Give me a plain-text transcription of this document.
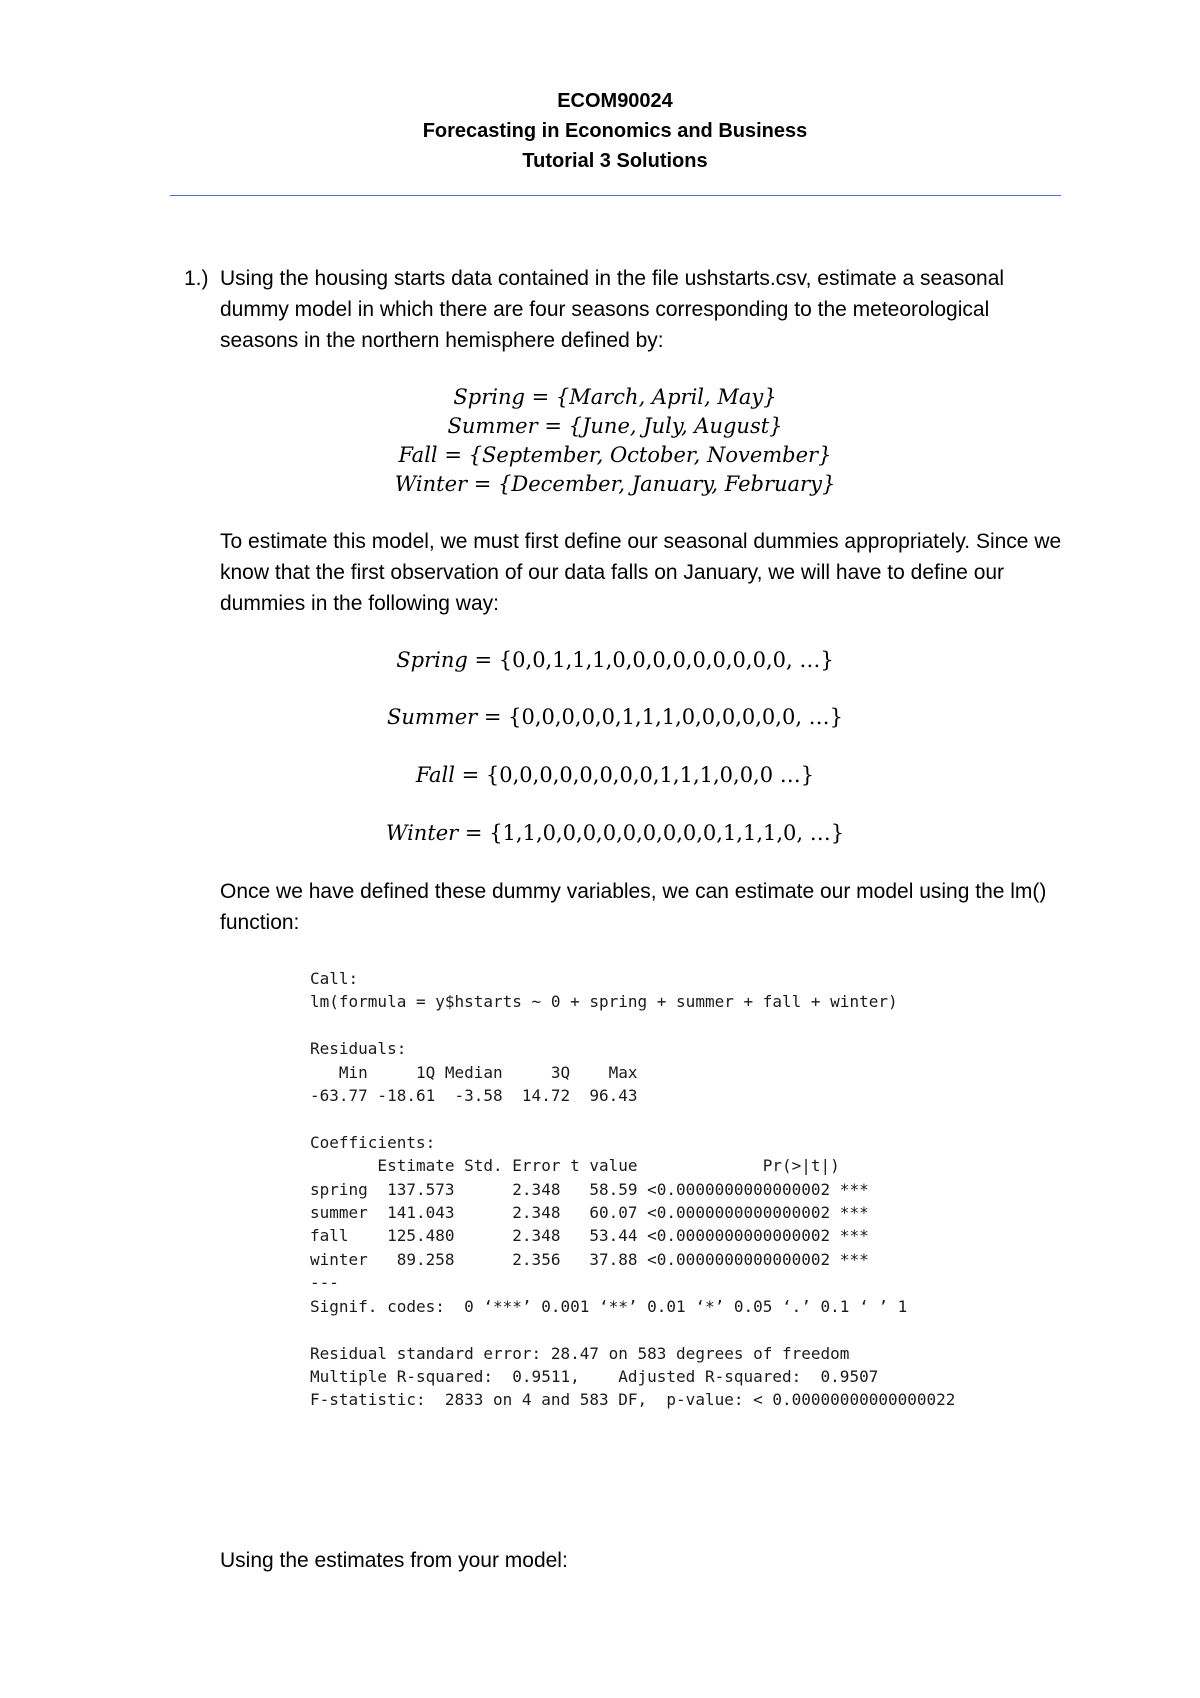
ECOM90024
Forecasting in Economics and Business
Tutorial 3 Solutions
1.) Using the housing starts data contained in the file ushstarts.csv, estimate a seasonal dummy model in which there are four seasons corresponding to the meteorological seasons in the northern hemisphere defined by:
Spring = {March, April, May}
Summer = {June, July, August}
Fall = {September, October, November}
Winter = {December, January, February}
To estimate this model, we must first define our seasonal dummies appropriately. Since we know that the first observation of our data falls on January, we will have to define our dummies in the following way:
Spring = {0,0,1,1,1,0,0,0,0,0,0,0,0,0, …}
Summer = {0,0,0,0,0,1,1,1,0,0,0,0,0,0, …}
Fall = {0,0,0,0,0,0,0,0,1,1,1,0,0,0 …}
Winter = {1,1,0,0,0,0,0,0,0,0,0,1,1,1,0, …}
Once we have defined these dummy variables, we can estimate our model using the lm() function:
Call:
lm(formula = y$hstarts ~ 0 + spring + summer + fall + winter)

Residuals:
Min     1Q Median     3Q    Max
-63.77 -18.61  -3.58  14.72  96.43

Coefficients:
Estimate Std. Error t value             Pr(>|t|)
spring  137.573      2.348   58.59 <0.0000000000000002 ***
summer  141.043      2.348   60.07 <0.0000000000000002 ***
fall    125.480      2.348   53.44 <0.0000000000000002 ***
winter   89.258      2.356   37.88 <0.0000000000000002 ***
---
Signif. codes:  0 ‘***’ 0.001 ‘**’ 0.01 ‘*’ 0.05 ‘.’ 0.1 ‘ ’ 1

Residual standard error: 28.47 on 583 degrees of freedom
Multiple R-squared:  0.9511,	Adjusted R-squared:  0.9507
F-statistic:  2833 on 4 and 583 DF,  p-value: < 0.00000000000000022
Using the estimates from your model:
